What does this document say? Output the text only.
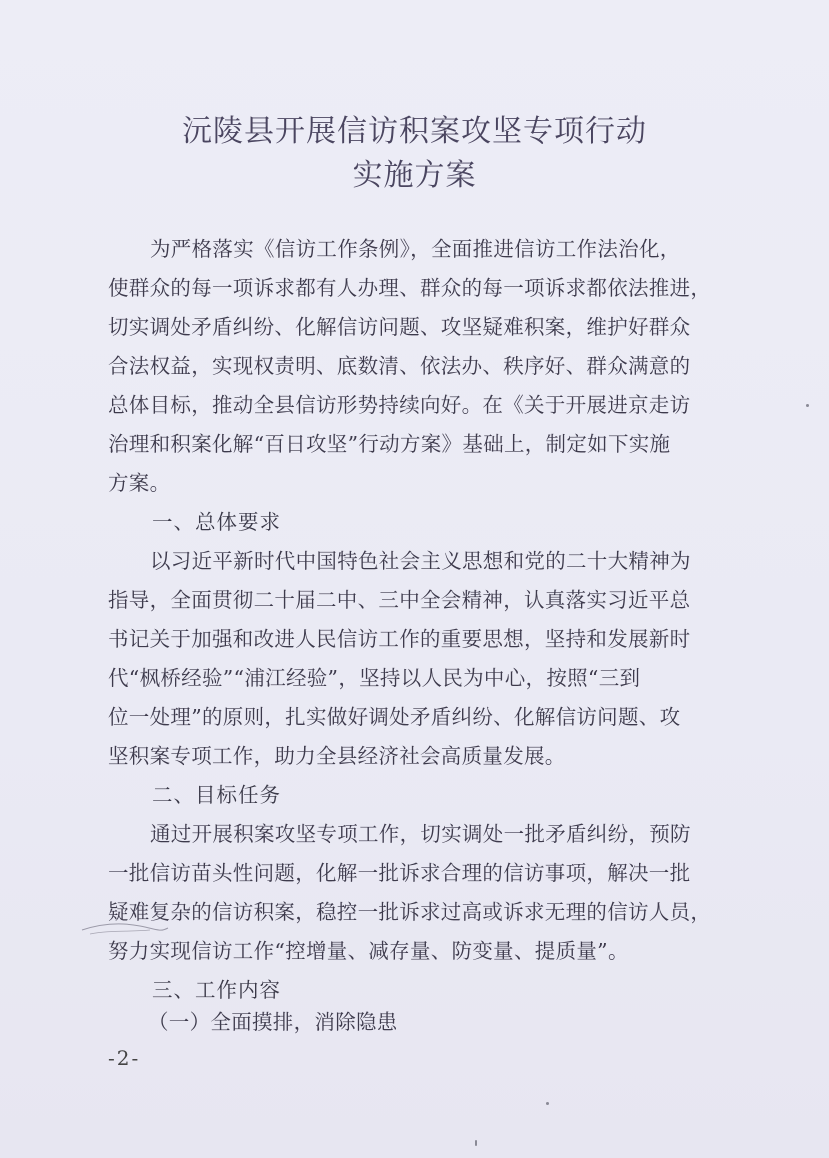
沅陵县开展信访积案攻坚专项行动
实施方案
为严格落实《信访工作条例》，全面推进信访工作法治化，
使群众的每一项诉求都有人办理、群众的每一项诉求都依法推进，
切实调处矛盾纠纷、化解信访问题、攻坚疑难积案，维护好群众
合法权益，实现权责明、底数清、依法办、秩序好、群众满意的
总体目标，推动全县信访形势持续向好。在《关于开展进京走访
治理和积案化解“百日攻坚”行动方案》基础上，制定如下实施
方案。
一、总体要求
以习近平新时代中国特色社会主义思想和党的二十大精神为
指导，全面贯彻二十届二中、三中全会精神，认真落实习近平总
书记关于加强和改进人民信访工作的重要思想，坚持和发展新时
代“枫桥经验”“浦江经验”，坚持以人民为中心，按照“三到
位一处理”的原则，扎实做好调处矛盾纠纷、化解信访问题、攻
坚积案专项工作，助力全县经济社会高质量发展。
二、目标任务
通过开展积案攻坚专项工作，切实调处一批矛盾纠纷，预防
一批信访苗头性问题，化解一批诉求合理的信访事项，解决一批
疑难复杂的信访积案，稳控一批诉求过高或诉求无理的信访人员，
努力实现信访工作“控增量、减存量、防变量、提质量”。
三、工作内容
（一）全面摸排，消除隐患
-2-
